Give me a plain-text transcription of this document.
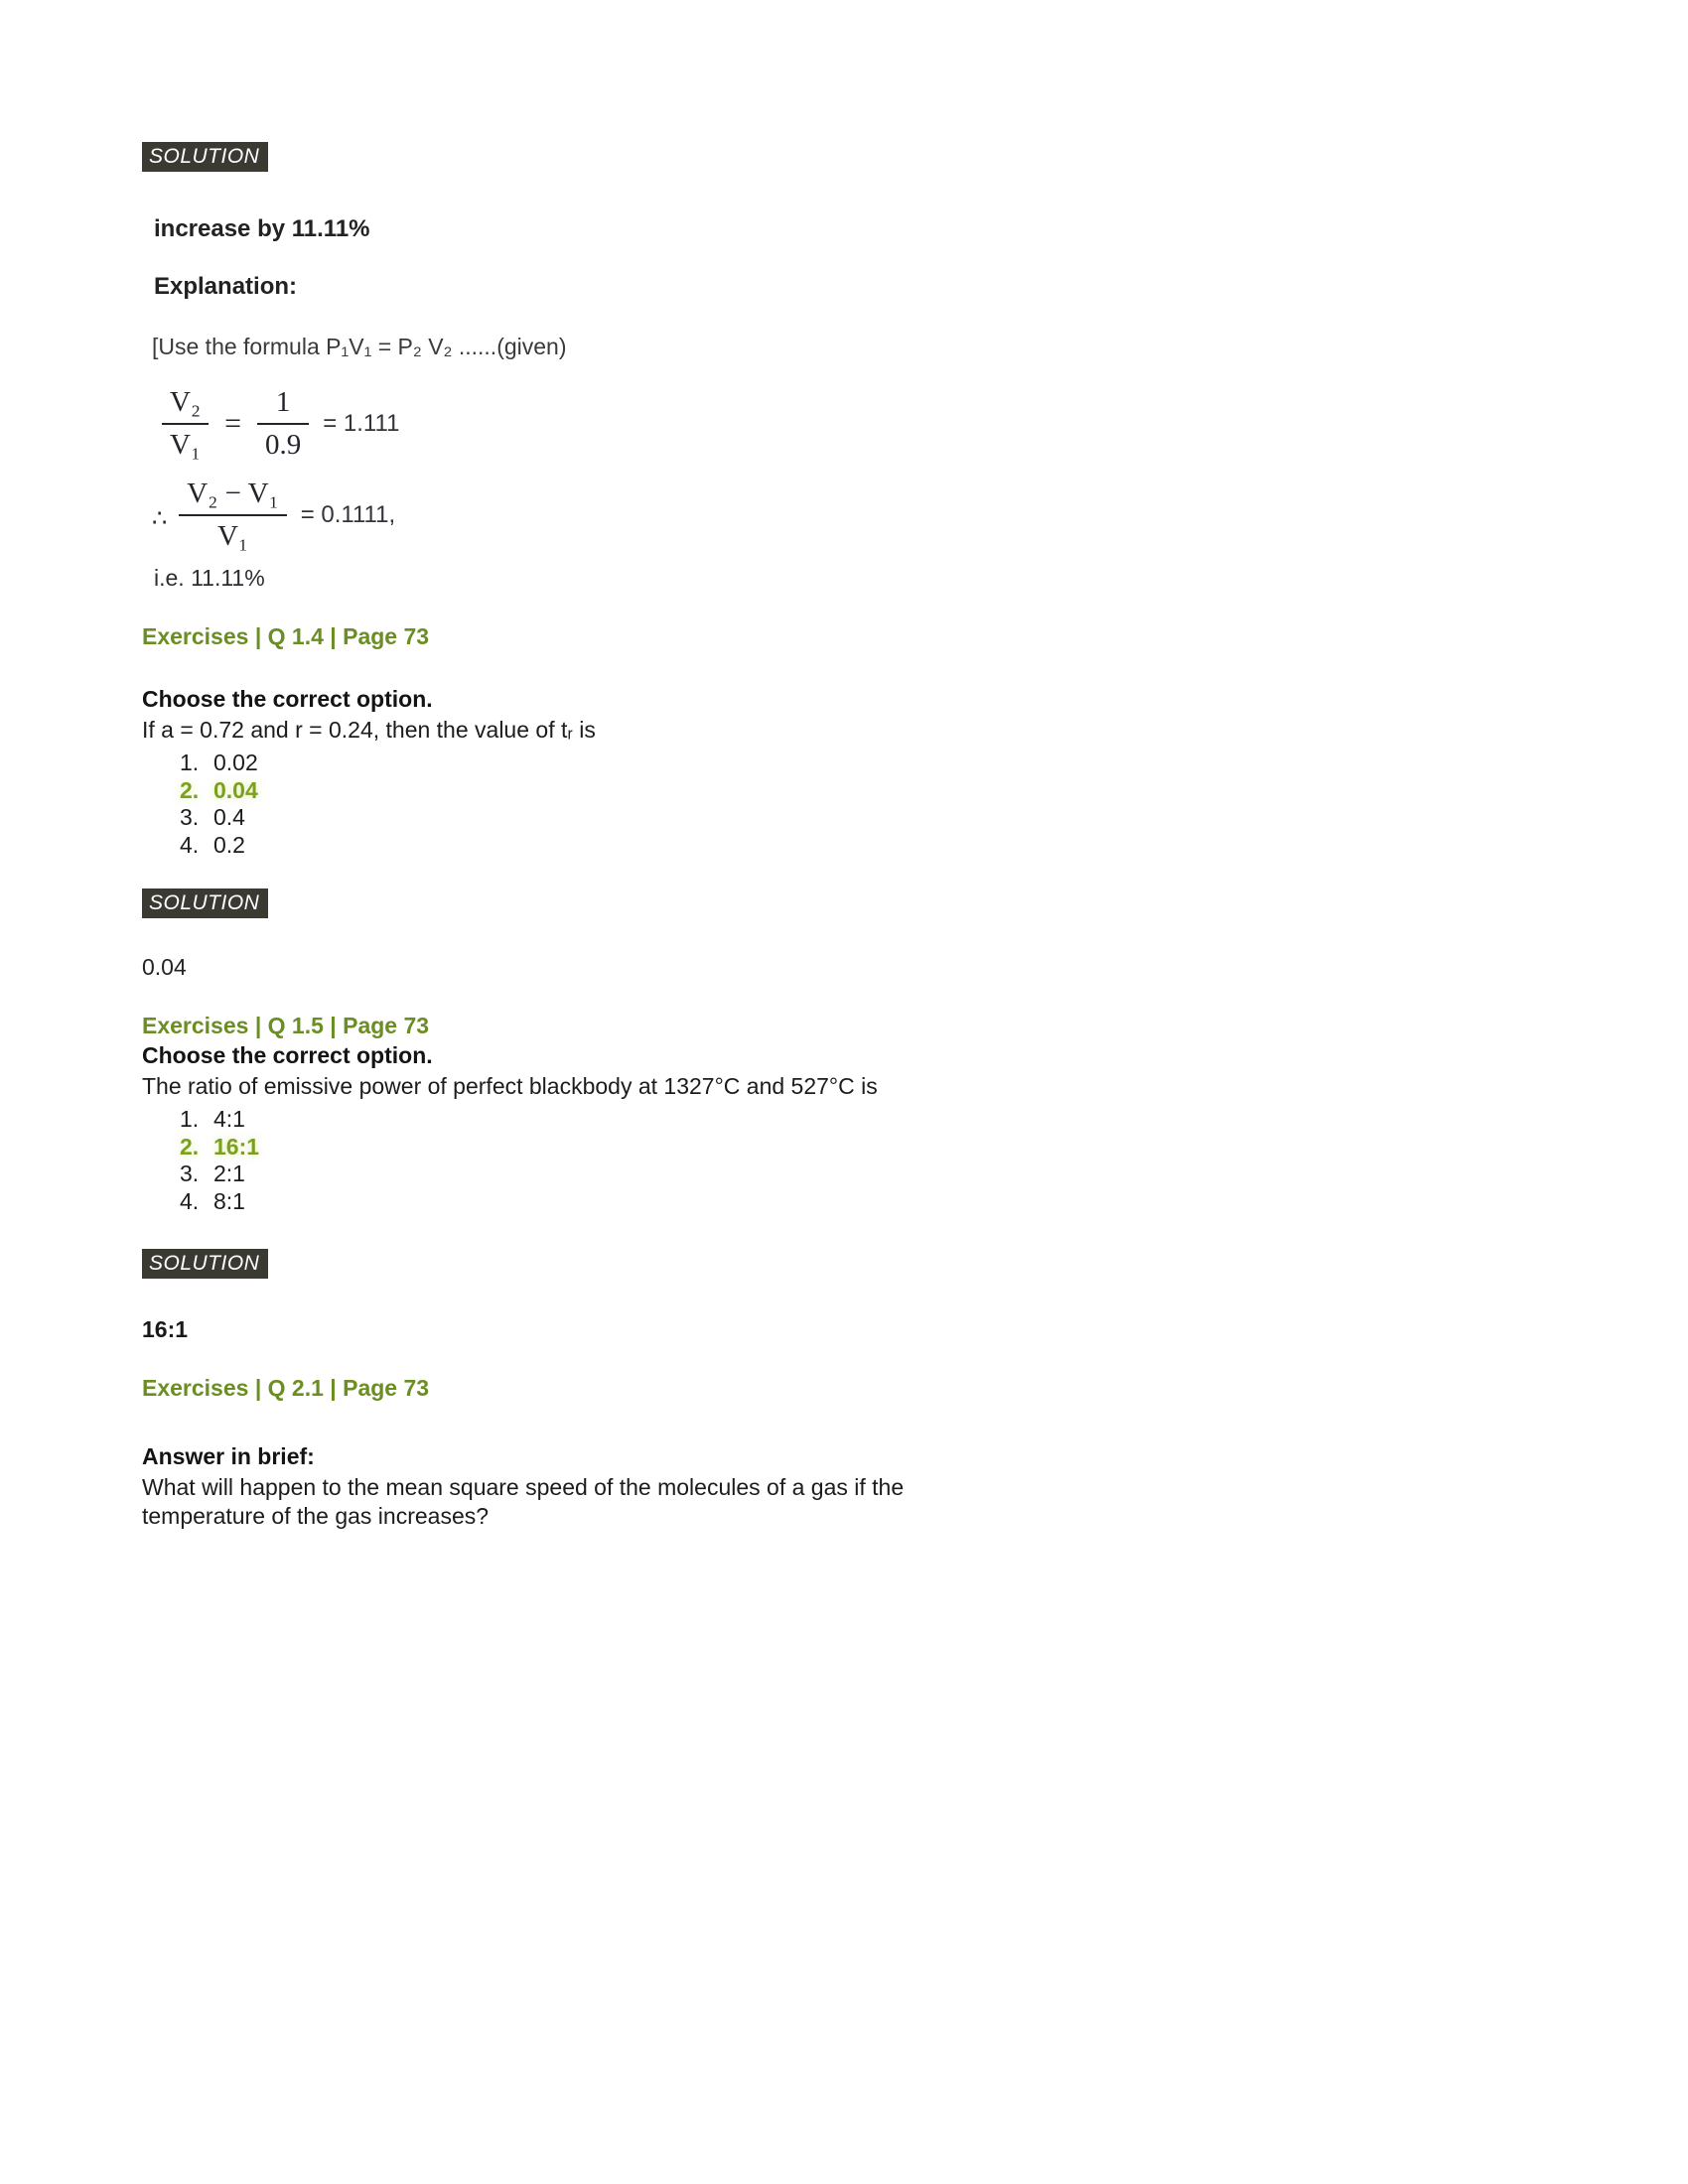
SOLUTION
increase by 11.11%
Explanation:
[Use the formula P₁V₁ = P₂ V₂ ......(given)
$\frac{\text{V₂}}{\text{V₁}} = \frac{1}{0.9} = 1.111$
∴ $\frac{\text{V₂ − V₁}}{\text{V₁}} = 0.1111$,
i.e. 11.11%
Exercises | Q 1.4 | Page 73
Choose the correct option.
If a = 0.72 and r = 0.24, then the value of tᵣ is
1. 0.02
2. 0.04
3. 0.4
4. 0.2
SOLUTION
0.04
Exercises | Q 1.5 | Page 73
Choose the correct option.
The ratio of emissive power of perfect blackbody at 1327°C and 527°C is
1. 4:1
2. 16:1
3. 2:1
4. 8:1
SOLUTION
16:1
Exercises | Q 2.1 | Page 73
Answer in brief:
What will happen to the mean square speed of the molecules of a gas if the temperature of the gas increases?
